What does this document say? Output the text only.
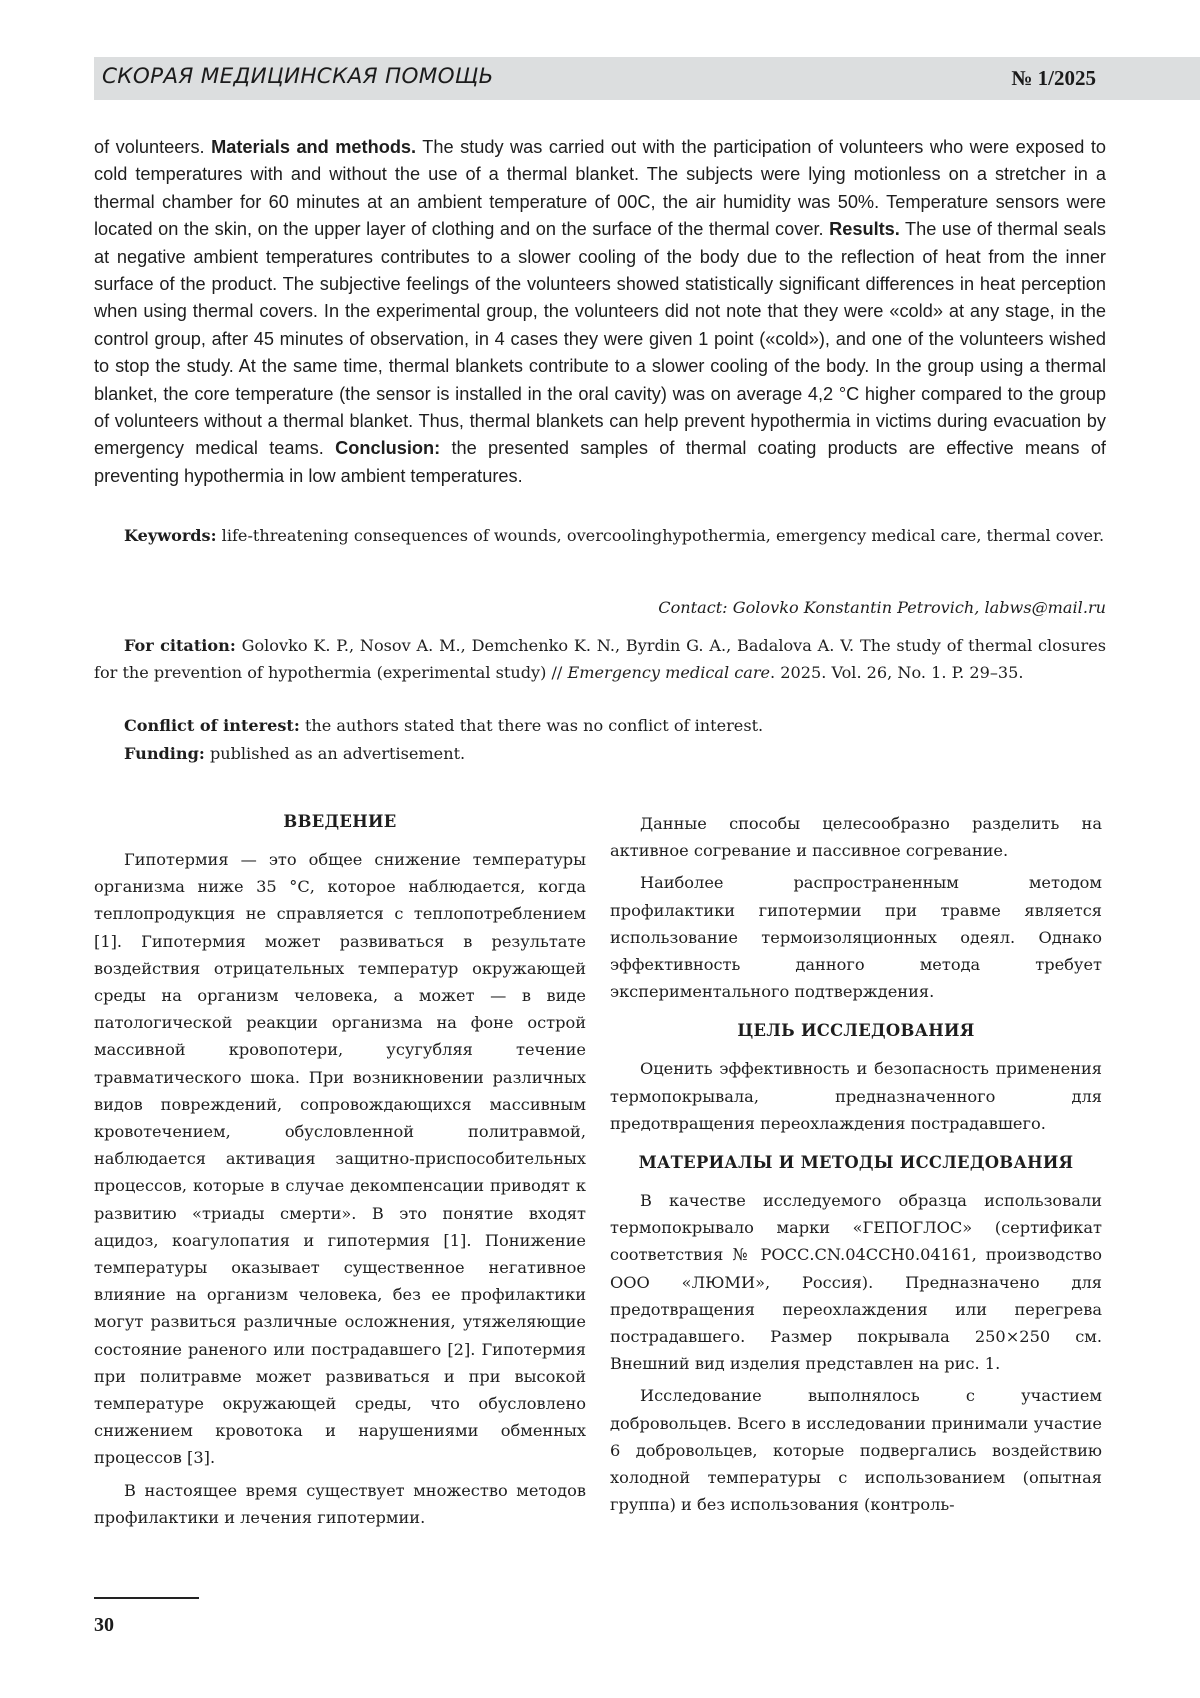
СКОРАЯ МЕДИЦИНСКАЯ ПОМОЩЬ	№ 1/2025
of volunteers. Materials and methods. The study was carried out with the participation of volunteers who were exposed to cold temperatures with and without the use of a thermal blanket. The subjects were lying motionless on a stretcher in a thermal chamber for 60 minutes at an ambient temperature of 00C, the air humidity was 50%. Temperature sensors were located on the skin, on the upper layer of clothing and on the surface of the thermal cover. Results. The use of thermal seals at negative ambient temperatures contributes to a slower cooling of the body due to the reflection of heat from the inner surface of the product. The subjective feelings of the volunteers showed statistically significant differences in heat perception when using thermal covers. In the experimental group, the volunteers did not note that they were «cold» at any stage, in the control group, after 45 minutes of observation, in 4 cases they were given 1 point («cold»), and one of the volunteers wished to stop the study. At the same time, thermal blankets contribute to a slower cooling of the body. In the group using a thermal blanket, the core temperature (the sensor is installed in the oral cavity) was on average 4,2 °C higher compared to the group of volunteers without a thermal blanket. Thus, thermal blankets can help prevent hypothermia in victims during evacuation by emergency medical teams. Conclusion: the presented samples of thermal coating products are effective means of preventing hypothermia in low ambient temperatures.
Keywords: life-threatening consequences of wounds, overcoolinghypothermia, emergency medical care, thermal cover.
Contact: Golovko Konstantin Petrovich, labws@mail.ru
For citation: Golovko K. P., Nosov A. M., Demchenko K. N., Byrdin G. A., Badalova A. V. The study of thermal closures for the prevention of hypothermia (experimental study) // Emergency medical care. 2025. Vol. 26, No. 1. P. 29–35.
Conflict of interest: the authors stated that there was no conflict of interest.
Funding: published as an advertisement.
ВВЕДЕНИЕ

Гипотермия — это общее снижение температуры организма ниже 35 °С, которое наблюдается, когда теплопродукция не справляется с теплопотреблением [1]. Гипотермия может развиваться в результате воздействия отрицательных температур окружающей среды на организм человека, а может — в виде патологической реакции организма на фоне острой массивной кровопотери, усугубляя течение травматического шока. При возникновении различных видов повреждений, сопровождающихся массивным кровотечением, обусловленной политравмой, наблюдается активация защитно-приспособительных процессов, которые в случае декомпенсации приводят к развитию «триады смерти». В это понятие входят ацидоз, коагулопатия и гипотермия [1]. Понижение температуры оказывает существенное негативное влияние на организм человека, без ее профилактики могут развиться различные осложнения, утяжеляющие состояние раненого или пострадавшего [2]. Гипотермия при политравме может развиваться и при высокой температуре окружающей среды, что обусловлено снижением кровотока и нарушениями обменных процессов [3].

В настоящее время существует множество методов профилактики и лечения гипотермии.

Данные способы целесообразно разделить на активное согревание и пассивное согревание.

Наиболее распространенным методом профилактики гипотермии при травме является использование термоизоляционных одеял. Однако эффективность данного метода требует экспериментального подтверждения.

ЦЕЛЬ ИССЛЕДОВАНИЯ

Оценить эффективность и безопасность применения термопокрывала, предназначенного для предотвращения переохлаждения пострадавшего.

МАТЕРИАЛЫ И МЕТОДЫ ИССЛЕДОВАНИЯ

В качестве исследуемого образца использовали термопокрывало марки «ГЕПОГЛОС» (сертификат соответствия № РОСС.CN.04ССН0.04161, производство ООО «ЛЮМИ», Россия). Предназначено для предотвращения переохлаждения или перегрева пострадавшего. Размер покрывала 250×250 см. Внешний вид изделия представлен на рис. 1.

Исследование выполнялось с участием добровольцев. Всего в исследовании принимали участие 6 добровольцев, которые подвергались воздействию холодной температуры с использованием (опытная группа) и без использования (контроль-

30
